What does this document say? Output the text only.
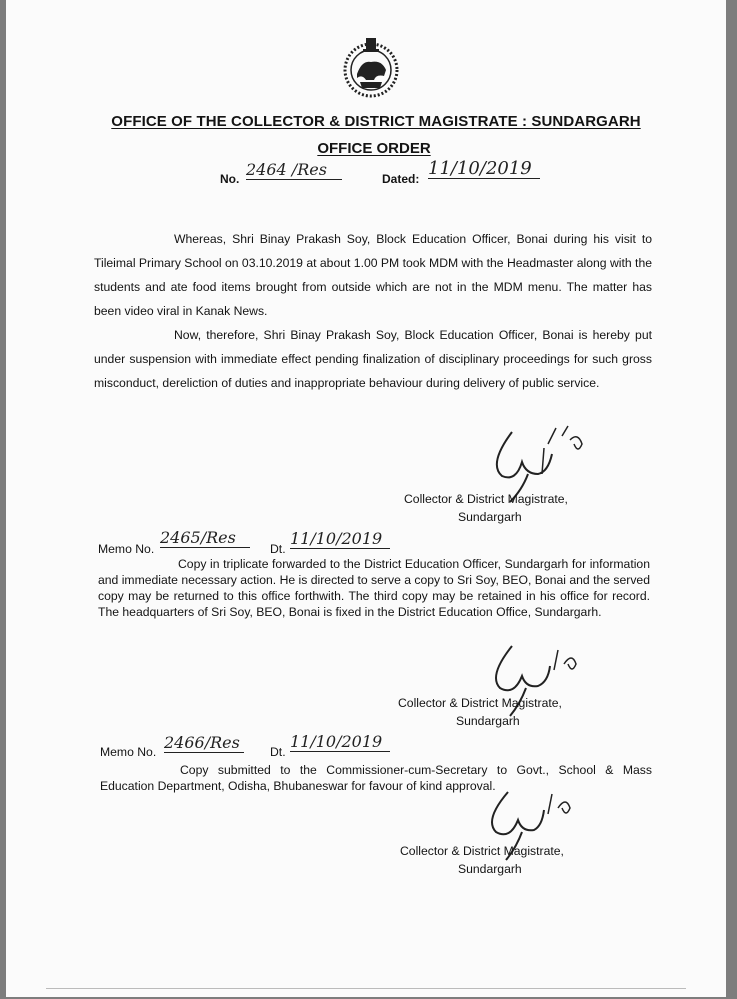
OFFICE OF THE COLLECTOR & DISTRICT MAGISTRATE : SUNDARGARH
OFFICE ORDER
No. 2464 /Res	Dated: 11/10/2019

Whereas, Shri Binay Prakash Soy, Block Education Officer, Bonai during his visit to Tileimal Primary School on 03.10.2019 at about 1.00 PM took MDM with the Headmaster along with the students and ate food items brought from outside which are not in the MDM menu. The matter has been video viral in Kanak News.

Now, therefore, Shri Binay Prakash Soy, Block Education Officer, Bonai is hereby put under suspension with immediate effect pending finalization of disciplinary proceedings for such gross misconduct, dereliction of duties and inappropriate behaviour during delivery of public service.

Collector & District Magistrate,
Sundargarh
Memo No.
2465/Res
Dt.
11/10/2019

Copy in triplicate forwarded to the District Education Officer, Sundargarh for information and immediate necessary action. He is directed to serve a copy to Sri Soy, BEO, Bonai and the served copy may be returned to this office forthwith. The third copy may be retained in his office for record. The headquarters of Sri Soy, BEO, Bonai is fixed in the District Education Office, Sundargarh.

Collector & District Magistrate,
Sundargarh
Memo No. 2466/Res	Dt.
11/10/2019

Copy submitted to the Commissioner-cum-Secretary to Govt., School & Mass Education Department, Odisha, Bhubaneswar for favour of kind approval.

Collector & District Magistrate,
Sundargarh
